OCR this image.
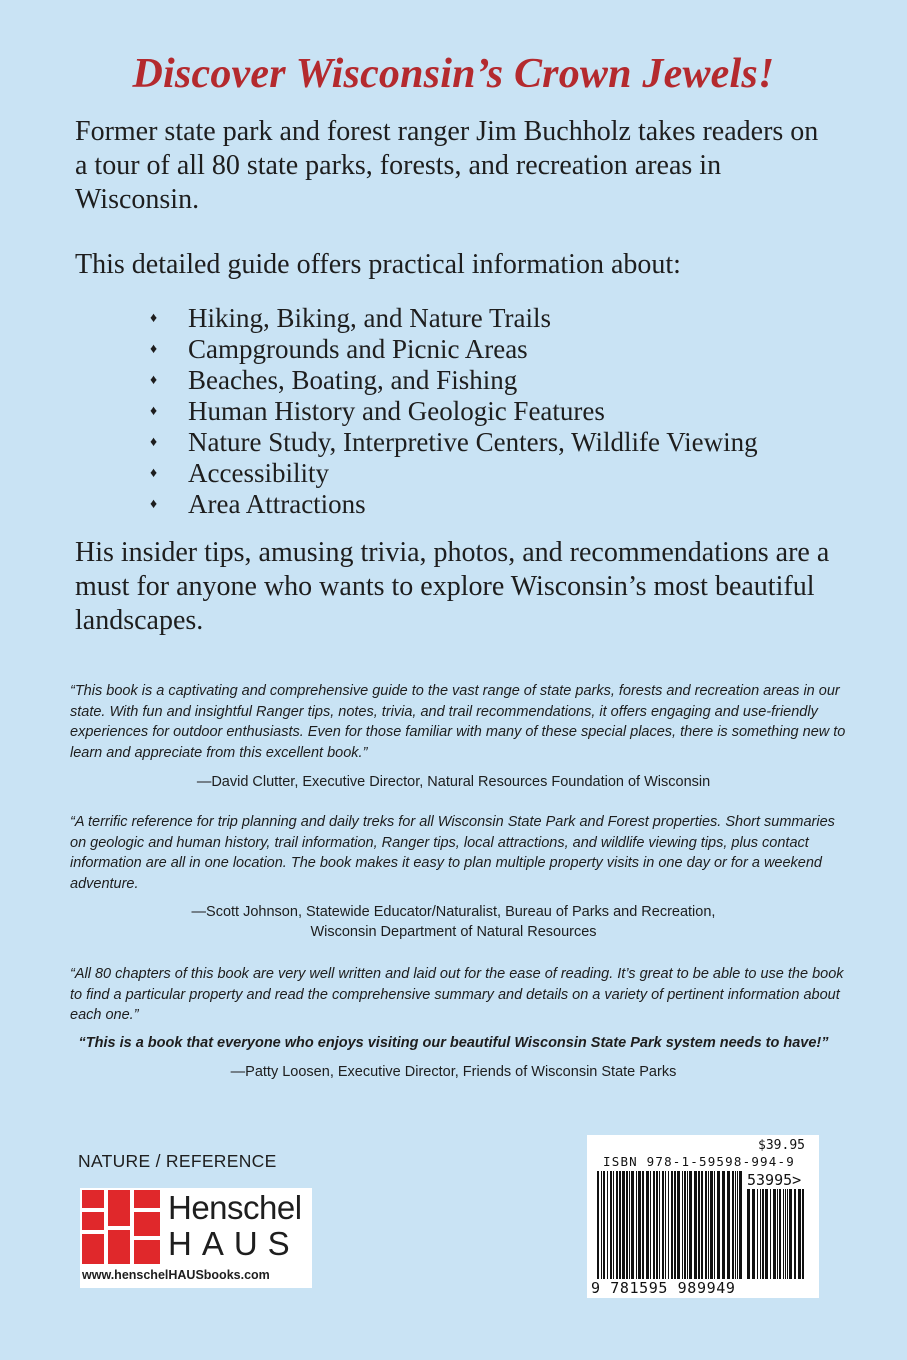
Discover Wisconsin’s Crown Jewels!

Former state park and forest ranger Jim Buchholz takes readers on a tour of all 80 state parks, forests, and recreation areas in Wisconsin.

This detailed guide offers practical information about:

♦	Hiking, Biking, and Nature Trails
♦	Campgrounds and Picnic Areas
♦	Beaches, Boating, and Fishing
♦	Human History and Geologic Features
♦	Nature Study, Interpretive Centers, Wildlife Viewing
♦	Accessibility
♦	Area Attractions

His insider tips, amusing trivia, photos, and recommendations are a must for anyone who wants to explore Wisconsin’s most beautiful landscapes.

“This book is a captivating and comprehensive guide to the vast range of state parks, forests and recreation areas in our state. With fun and insightful Ranger tips, notes, trivia, and trail recommendations, it offers engaging and use-friendly experiences for outdoor enthusiasts. Even for those familiar with many of these special places, there is something new to learn and appreciate from this excellent book.”

—David Clutter, Executive Director, Natural Resources Foundation of Wisconsin

“A terrific reference for trip planning and daily treks for all Wisconsin State Park and Forest properties. Short summaries on geologic and human history, trail information, Ranger tips, local attractions, and wildlife viewing tips, plus contact information are all in one location. The book makes it easy to plan multiple property visits in one day or for a weekend adventure.

—Scott Johnson, Statewide Educator/Naturalist, Bureau of Parks and Recreation,

Wisconsin Department of Natural Resources

“All 80 chapters of this book are very well written and laid out for the ease of reading. It’s great to be able to use the book to find a particular property and read the comprehensive summary and details on a variety of pertinent information about each one.”

“This is a book that everyone who enjoys visiting our beautiful Wisconsin State Park system needs to have!”

—Patty Loosen, Executive Director, Friends of Wisconsin State Parks

NATURE / REFERENCE

Henschel
HAUS
www.henschelHAUSbooks.com
$39.95
ISBN 978-1-59598-994-9
53995>
9 781595 989949
